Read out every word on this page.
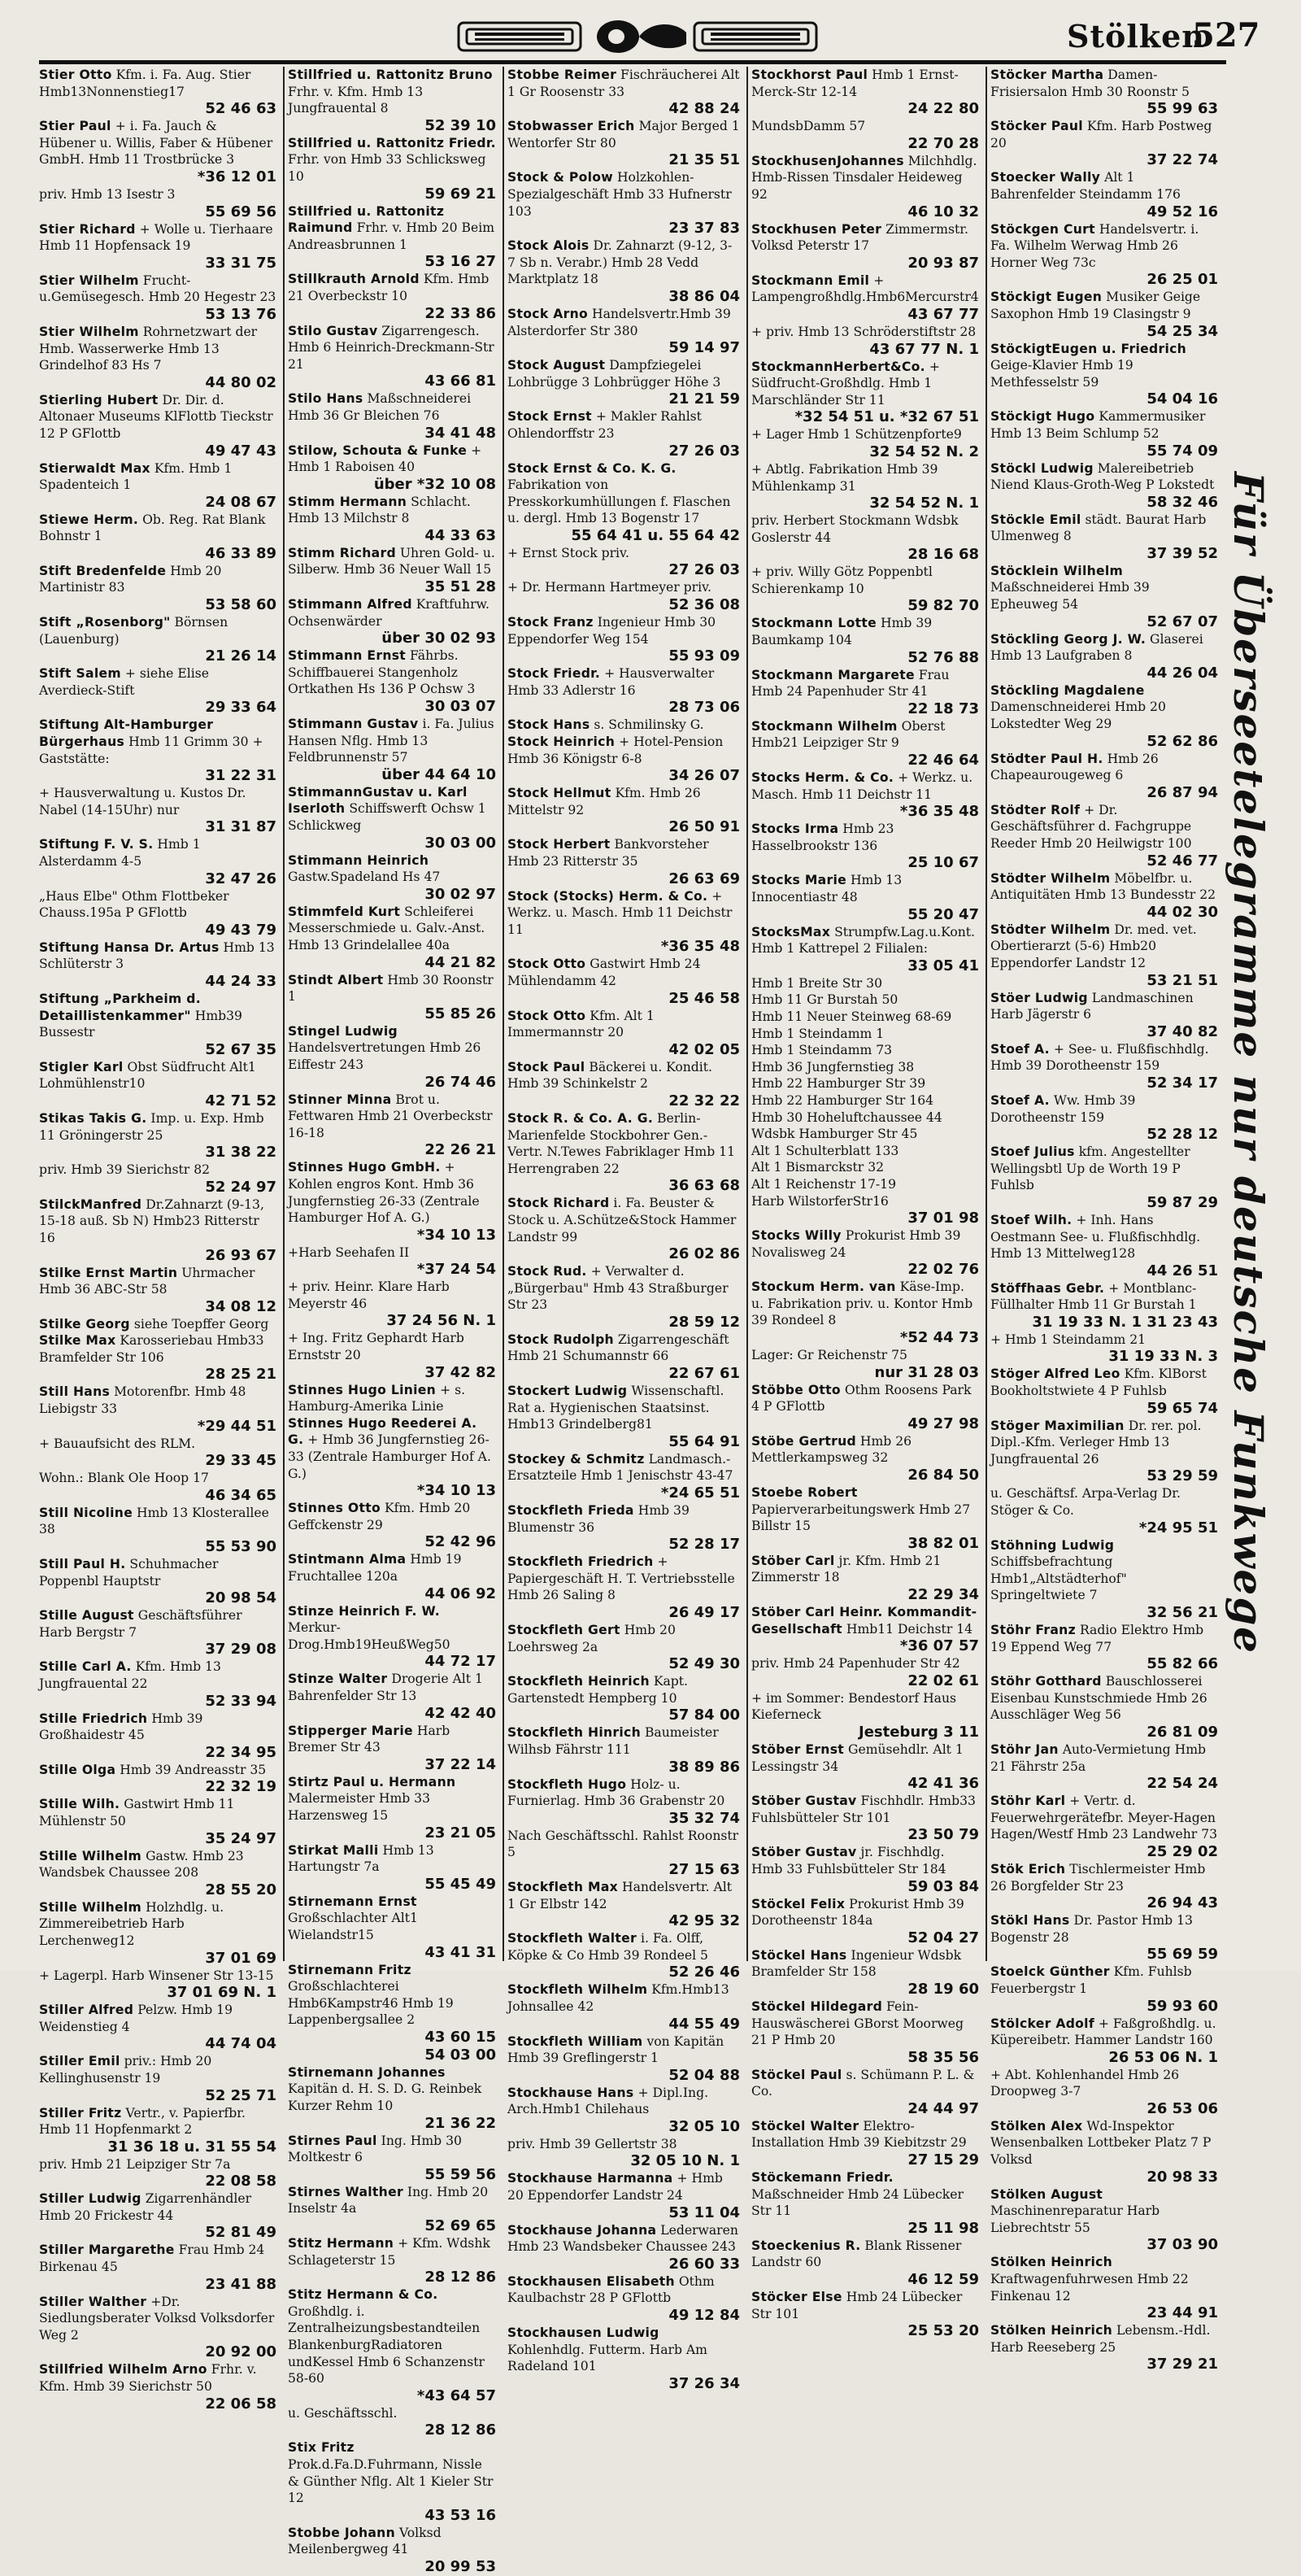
Stölken
527

Stier Otto Kfm. i. Fa. Aug. Stier Hmb13Nonnenstieg17
52 46 63

Stier Paul + i. Fa. Jauch & Hübener u. Willis, Faber & Hübener GmbH. Hmb 11 Trostbrücke 3
*36 12 01

priv. Hmb 13 Isestr 3
55 69 56

Stier Richard + Wolle u. Tierhaare Hmb 11 Hopfensack 19
33 31 75

Stier Wilhelm Frucht-u.Gemüsegesch. Hmb 20 Hegestr 23
53 13 76

Stier Wilhelm Rohrnetzwart der Hmb. Wasserwerke Hmb 13 Grindelhof 83 Hs 7
44 80 02

Stierling Hubert Dr. Dir. d. Altonaer Museums KlFlottb Tieckstr 12 P GFlottb
49 47 43

Stierwaldt Max Kfm. Hmb 1 Spadenteich 1
24 08 67

Stiewe Herm. Ob. Reg. Rat Blank Bohnstr 1
46 33 89

Stift Bredenfelde Hmb 20 Martinistr 83
53 58 60

Stift „Rosenborg" Börnsen (Lauenburg)
21 26 14

Stift Salem + siehe Elise Averdieck-Stift
29 33 64

Stiftung Alt-Hamburger Bürgerhaus Hmb 11 Grimm 30 + Gaststätte:
31 22 31

+ Hausverwaltung u. Kustos Dr. Nabel (14-15Uhr) nur
31 31 87

Stiftung F. V. S. Hmb 1 Alsterdamm 4-5
32 47 26

„Haus Elbe" Othm Flottbeker Chauss.195a P GFlottb
49 43 79

Stiftung Hansa Dr. Artus Hmb 13 Schlüterstr 3
44 24 33

Stiftung „Parkheim d. Detaillistenkammer" Hmb39 Bussestr
52 67 35

Stigler Karl Obst Südfrucht Alt1 Lohmühlenstr10
42 71 52

Stikas Takis G. Imp. u. Exp. Hmb 11 Gröningerstr 25
31 38 22

priv. Hmb 39 Sierichstr 82
52 24 97

StilckManfred Dr.Zahnarzt (9-13, 15-18 auß. Sb N) Hmb23 Ritterstr 16
26 93 67

Stilke Ernst Martin Uhrmacher Hmb 36 ABC-Str 58
34 08 12

Stilke Georg siehe Toepffer Georg

Stilke Max Karosseriebau Hmb33 Bramfelder Str 106
28 25 21

Still Hans Motorenfbr. Hmb 48 Liebigstr 33
*29 44 51

+ Bauaufsicht des RLM.
29 33 45

Wohn.: Blank Ole Hoop 17
46 34 65

Still Nicoline Hmb 13 Klosterallee 38
55 53 90

Still Paul H. Schuhmacher Poppenbl Hauptstr
20 98 54

Stille August Geschäftsführer Harb Bergstr 7
37 29 08

Stille Carl A. Kfm. Hmb 13 Jungfrauental 22
52 33 94

Stille Friedrich Hmb 39 Großhaidestr 45
22 34 95

Stille Olga Hmb 39 Andreasstr 35
22 32 19

Stille Wilh. Gastwirt Hmb 11 Mühlenstr 50
35 24 97

Stille Wilhelm Gastw. Hmb 23 Wandsbek Chaussee 208
28 55 20

Stille Wilhelm Holzhdlg. u. Zimmereibetrieb Harb Lerchenweg12
37 01 69

+ Lagerpl. Harb Winsener Str 13-15
37 01 69 N. 1

Stiller Alfred Pelzw. Hmb 19 Weidenstieg 4
44 74 04

Stiller Emil priv.: Hmb 20 Kellinghusenstr 19
52 25 71

Stiller Fritz Vertr., v. Papierfbr. Hmb 11 Hopfenmarkt 2
31 36 18 u. 31 55 54

priv. Hmb 21 Leipziger Str 7a
22 08 58

Stiller Ludwig Zigarrenhändler Hmb 20 Frickestr 44
52 81 49

Stiller Margarethe Frau Hmb 24 Birkenau 45
23 41 88

Stiller Walther +Dr. Siedlungsberater Volksd Volksdorfer Weg 2
20 92 00

Stillfried Wilhelm Arno Frhr. v. Kfm. Hmb 39 Sierichstr 50
22 06 58

Stillfried u. Rattonitz Bruno Frhr. v. Kfm. Hmb 13 Jungfrauental 8
52 39 10

Stillfried u. Rattonitz Friedr. Frhr. von Hmb 33 Schlicksweg 10
59 69 21

Stillfried u. Rattonitz Raimund Frhr. v. Hmb 20 Beim Andreasbrunnen 1
53 16 27

Stillkrauth Arnold Kfm. Hmb 21 Overbeckstr 10
22 33 86

Stilo Gustav Zigarrengesch. Hmb 6 Heinrich-Dreckmann-Str 21
43 66 81

Stilo Hans Maßschneiderei Hmb 36 Gr Bleichen 76
34 41 48

Stilow, Schouta & Funke + Hmb 1 Raboisen 40
über *32 10 08

Stimm Hermann Schlacht. Hmb 13 Milchstr 8
44 33 63

Stimm Richard Uhren Gold- u. Silberw. Hmb 36 Neuer Wall 15
35 51 28

Stimmann Alfred Kraftfuhrw. Ochsenwärder
über 30 02 93

Stimmann Ernst Fährbs. Schiffbauerei Stangenholz Ortkathen Hs 136 P Ochsw 3
30 03 07

Stimmann Gustav i. Fa. Julius Hansen Nflg. Hmb 13 Feldbrunnenstr 57
über 44 64 10

StimmannGustav u. Karl Iserloth Schiffswerft Ochsw 1 Schlickweg
30 03 00

Stimmann Heinrich Gastw.Spadeland Hs 47
30 02 97

Stimmfeld Kurt Schleiferei Messerschmiede u. Galv.-Anst. Hmb 13 Grindelallee 40a
44 21 82

Stindt Albert Hmb 30 Roonstr 1
55 85 26

Stingel Ludwig Handelsvertretungen Hmb 26 Eiffestr 243
26 74 46

Stinner Minna Brot u. Fettwaren Hmb 21 Overbeckstr 16-18
22 26 21

Stinnes Hugo GmbH. + Kohlen engros Kont. Hmb 36 Jungfernstieg 26-33 (Zentrale Hamburger Hof A. G.)
*34 10 13

+Harb Seehafen II
*37 24 54

+ priv. Heinr. Klare Harb Meyerstr 46
37 24 56 N. 1

+ Ing. Fritz Gephardt Harb Ernststr 20
37 42 82

Stinnes Hugo Linien + s. Hamburg-Amerika Linie

Stinnes Hugo Reederei A. G. + Hmb 36 Jungfernstieg 26-33 (Zentrale Hamburger Hof A. G.)
*34 10 13

Stinnes Otto Kfm. Hmb 20 Geffckenstr 29
52 42 96

Stintmann Alma Hmb 19 Fruchtallee 120a
44 06 92

Stinze Heinrich F. W. Merkur-Drog.Hmb19HeußWeg50
44 72 17

Stinze Walter Drogerie Alt 1 Bahrenfelder Str 13
42 42 40

Stipperger Marie Harb Bremer Str 43
37 22 14

Stirtz Paul u. Hermann Malermeister Hmb 33 Harzensweg 15
23 21 05

Stirkat Malli Hmb 13 Hartungstr 7a
55 45 49

Stirnemann Ernst Großschlachter Alt1 Wielandstr15
43 41 31

Stirnemann Fritz Großschlachterei Hmb6Kampstr46 Hmb 19 Lappenbergsallee 2
43 60 15

54 03 00

Stirnemann Johannes Kapitän d. H. S. D. G. Reinbek Kurzer Rehm 10
21 36 22

Stirnes Paul Ing. Hmb 30 Moltkestr 6
55 59 56

Stirnes Walther Ing. Hmb 20 Inselstr 4a
52 69 65

Stitz Hermann + Kfm. Wdshk Schlageterstr 15
28 12 86

Stitz Hermann & Co. Großhdlg. i. Zentralheizungsbestandteilen BlankenburgRadiatoren undKessel Hmb 6 Schanzenstr 58-60
*43 64 57

u. Geschäftsschl.
28 12 86

Stix Fritz Prok.d.Fa.D.Fuhrmann, Nissle & Günther Nflg. Alt 1 Kieler Str 12
43 53 16

Stobbe Johann Volksd Meilenbergweg 41
20 99 53

Stobbe Reimer Fischräucherei Alt 1 Gr Roosenstr 33
42 88 24

Stobwasser Erich Major Berged 1 Wentorfer Str 80
21 35 51

Stock & Polow Holzkohlen-Spezialgeschäft Hmb 33 Hufnerstr 103
23 37 83

Stock Alois Dr. Zahnarzt (9-12, 3-7 Sb n. Verabr.) Hmb 28 Vedd Marktplatz 18
38 86 04

Stock Arno Handelsvertr.Hmb 39 Alsterdorfer Str 380
59 14 97

Stock August Dampfziegelei Lohbrügge 3 Lohbrügger Höhe 3
21 21 59

Stock Ernst + Makler Rahlst Ohlendorffstr 23
27 26 03

Stock Ernst & Co. K. G. Fabrikation von Presskorkumhüllungen f. Flaschen u. dergl. Hmb 13 Bogenstr 17
55 64 41 u. 55 64 42

+ Ernst Stock priv.
27 26 03

+ Dr. Hermann Hartmeyer priv.
52 36 08

Stock Franz Ingenieur Hmb 30 Eppendorfer Weg 154
55 93 09

Stock Friedr. + Hausverwalter Hmb 33 Adlerstr 16
28 73 06

Stock Hans s. Schmilinsky G.

Stock Heinrich + Hotel-Pension Hmb 36 Königstr 6-8
34 26 07

Stock Hellmut Kfm. Hmb 26 Mittelstr 92
26 50 91

Stock Herbert Bankvorsteher Hmb 23 Ritterstr 35
26 63 69

Stock (Stocks) Herm. & Co. + Werkz. u. Masch. Hmb 11 Deichstr 11
*36 35 48

Stock Otto Gastwirt Hmb 24 Mühlendamm 42
25 46 58

Stock Otto Kfm. Alt 1 Immermannstr 20
42 02 05

Stock Paul Bäckerei u. Kondit. Hmb 39 Schinkelstr 2
22 32 22

Stock R. & Co. A. G. Berlin-Marienfelde Stockbohrer Gen.-Vertr. N.Tewes Fabriklager Hmb 11 Herrengraben 22
36 63 68

Stock Richard i. Fa. Beuster & Stock u. A.Schütze&Stock Hammer Landstr 99
26 02 86

Stock Rud. + Verwalter d. „Bürgerbau" Hmb 43 Straßburger Str 23
28 59 12

Stock Rudolph Zigarrengeschäft Hmb 21 Schumannstr 66
22 67 61

Stockert Ludwig Wissenschaftl. Rat a. Hygienischen Staatsinst. Hmb13 Grindelberg81
55 64 91

Stockey & Schmitz Landmasch.-Ersatzteile Hmb 1 Jenischstr 43-47
*24 65 51

Stockfleth Frieda Hmb 39 Blumenstr 36
52 28 17

Stockfleth Friedrich + Papiergeschäft H. T. Vertriebsstelle Hmb 26 Saling 8
26 49 17

Stockfleth Gert Hmb 20 Loehrsweg 2a
52 49 30

Stockfleth Heinrich Kapt. Gartenstedt Hempberg 10
57 84 00

Stockfleth Hinrich Baumeister Wilhsb Fährstr 111
38 89 86

Stockfleth Hugo Holz- u. Furnierlag. Hmb 36 Grabenstr 20
35 32 74

Nach Geschäftsschl. Rahlst Roonstr 5
27 15 63

Stockfleth Max Handelsvertr. Alt 1 Gr Elbstr 142
42 95 32

Stockfleth Walter i. Fa. Olff, Köpke & Co Hmb 39 Rondeel 5
52 26 46

Stockfleth Wilhelm Kfm.Hmb13 Johnsallee 42
44 55 49

Stockfleth William von Kapitän Hmb 39 Greflingerstr 1
52 04 88

Stockhause Hans + Dipl.Ing. Arch.Hmb1 Chilehaus
32 05 10

priv. Hmb 39 Gellertstr 38
32 05 10 N. 1

Stockhause Harmanna + Hmb 20 Eppendorfer Landstr 24
53 11 04

Stockhause Johanna Lederwaren Hmb 23 Wandsbeker Chaussee 243
26 60 33

Stockhausen Elisabeth Othm Kaulbachstr 28 P GFlottb
49 12 84

Stockhausen Ludwig Kohlenhdlg. Futterm. Harb Am Radeland 101
37 26 34

Stockhorst Paul Hmb 1 Ernst-Merck-Str 12-14
24 22 80

MundsbDamm 57
22 70 28

StockhusenJohannes Milchhdlg. Hmb-Rissen Tinsdaler Heideweg 92
46 10 32

Stockhusen Peter Zimmermstr. Volksd Peterstr 17
20 93 87

Stockmann Emil + Lampengroßhdlg.Hmb6Mercurstr4
43 67 77

+ priv. Hmb 13 Schröderstiftstr 28
43 67 77 N. 1

StockmannHerbert&Co. + Südfrucht-Großhdlg. Hmb 1 Marschländer Str 11
*32 54 51 u. *32 67 51

+ Lager Hmb 1 Schützenpforte9
32 54 52 N. 2

+ Abtlg. Fabrikation Hmb 39 Mühlenkamp 31
32 54 52 N. 1

priv. Herbert Stockmann Wdsbk Goslerstr 44
28 16 68

+ priv. Willy Götz Poppenbtl Schierenkamp 10
59 82 70

Stockmann Lotte Hmb 39 Baumkamp 104
52 76 88

Stockmann Margarete Frau Hmb 24 Papenhuder Str 41
22 18 73

Stockmann Wilhelm Oberst Hmb21 Leipziger Str 9
22 46 64

Stocks Herm. & Co. + Werkz. u. Masch. Hmb 11 Deichstr 11
*36 35 48

Stocks Irma Hmb 23 Hasselbrookstr 136
25 10 67

Stocks Marie Hmb 13 Innocentiastr 48
55 20 47

StocksMax Strumpfw.Lag.u.Kont. Hmb 1 Kattrepel 2 Filialen:
33 05 41

Hmb 1 Breite Str 30

Hmb 11 Gr Burstah 50

Hmb 11 Neuer Steinweg 68-69

Hmb 1 Steindamm 1

Hmb 1 Steindamm 73

Hmb 36 Jungfernstieg 38

Hmb 22 Hamburger Str 39

Hmb 22 Hamburger Str 164

Hmb 30 Hoheluftchaussee 44

Wdsbk Hamburger Str 45

Alt 1 Schulterblatt 133

Alt 1 Bismarckstr 32

Alt 1 Reichenstr 17-19

Harb WilstorferStr16
37 01 98

Stocks Willy Prokurist Hmb 39 Novalisweg 24
22 02 76

Stockum Herm. van Käse-Imp. u. Fabrikation priv. u. Kontor Hmb 39 Rondeel 8
*52 44 73

Lager: Gr Reichenstr 75
nur 31 28 03

Stöbbe Otto Othm Roosens Park 4 P GFlottb
49 27 98

Stöbe Gertrud Hmb 26 Mettlerkampsweg 32
26 84 50

Stoebe Robert Papierverarbeitungswerk Hmb 27 Billstr 15
38 82 01

Stöber Carl jr. Kfm. Hmb 21 Zimmerstr 18
22 29 34

Stöber Carl Heinr. Kommandit-Gesellschaft Hmb11 Deichstr 14
*36 07 57

priv. Hmb 24 Papenhuder Str 42
22 02 61

+ im Sommer: Bendestorf Haus Kieferneck
Jesteburg 3 11

Stöber Ernst Gemüsehdlr. Alt 1 Lessingstr 34
42 41 36

Stöber Gustav Fischhdlr. Hmb33 Fuhlsbütteler Str 101
23 50 79

Stöber Gustav jr. Fischhdlg. Hmb 33 Fuhlsbütteler Str 184
59 03 84

Stöckel Felix Prokurist Hmb 39 Dorotheenstr 184a
52 04 27

Stöckel Hans Ingenieur Wdsbk Bramfelder Str 158
28 19 60

Stöckel Hildegard Fein-Hauswäscherei GBorst Moorweg 21 P Hmb 20
58 35 56

Stöckel Paul s. Schümann P. L. & Co.
24 44 97

Stöckel Walter Elektro-Installation Hmb 39 Kiebitzstr 29
27 15 29

Stöckemann Friedr. Maßschneider Hmb 24 Lübecker Str 11
25 11 98

Stoeckenius R. Blank Rissener Landstr 60
46 12 59

Stöcker Else Hmb 24 Lübecker Str 101
25 53 20

Stöcker Martha Damen-Frisiersalon Hmb 30 Roonstr 5
55 99 63

Stöcker Paul Kfm. Harb Postweg 20
37 22 74

Stoecker Wally Alt 1 Bahrenfelder Steindamm 176
49 52 16

Stöckgen Curt Handelsvertr. i. Fa. Wilhelm Werwag Hmb 26 Horner Weg 73c
26 25 01

Stöckigt Eugen Musiker Geige Saxophon Hmb 19 Clasingstr 9
54 25 34

StöckigtEugen u. Friedrich Geige-Klavier Hmb 19 Methfesselstr 59
54 04 16

Stöckigt Hugo Kammermusiker Hmb 13 Beim Schlump 52
55 74 09

Stöckl Ludwig Malereibetrieb Niend Klaus-Groth-Weg P Lokstedt
58 32 46

Stöckle Emil städt. Baurat Harb Ulmenweg 8
37 39 52

Stöcklein Wilhelm Maßschneiderei Hmb 39 Epheuweg 54
52 67 07

Stöckling Georg J. W. Glaserei Hmb 13 Laufgraben 8
44 26 04

Stöckling Magdalene Damenschneiderei Hmb 20 Lokstedter Weg 29
52 62 86

Stödter Paul H. Hmb 26 Chapeaurougeweg 6
26 87 94

Stödter Rolf + Dr. Geschäftsführer d. Fachgruppe Reeder Hmb 20 Heilwigstr 100
52 46 77

Stödter Wilhelm Möbelfbr. u. Antiquitäten Hmb 13 Bundesstr 22
44 02 30

Stödter Wilhelm Dr. med. vet. Obertierarzt (5-6) Hmb20 Eppendorfer Landstr 12
53 21 51

Stöer Ludwig Landmaschinen Harb Jägerstr 6
37 40 82

Stoef A. + See- u. Flußfischhdlg. Hmb 39 Dorotheenstr 159
52 34 17

Stoef A. Ww. Hmb 39 Dorotheenstr 159
52 28 12

Stoef Julius kfm. Angestellter Wellingsbtl Up de Worth 19 P Fuhlsb
59 87 29

Stoef Wilh. + Inh. Hans Oestmann See- u. Flußfischhdlg. Hmb 13 Mittelweg128
44 26 51

Stöffhaas Gebr. + Montblanc-Füllhalter Hmb 11 Gr Burstah 1
31 19 33 N. 1 31 23 43

+ Hmb 1 Steindamm 21
31 19 33 N. 3

Stöger Alfred Leo Kfm. KlBorst Bookholtstwiete 4 P Fuhlsb
59 65 74

Stöger Maximilian Dr. rer. pol. Dipl.-Kfm. Verleger Hmb 13 Jungfrauental 26
53 29 59

u. Geschäftsf. Arpa-Verlag Dr. Stöger & Co.
*24 95 51

Stöhning Ludwig Schiffsbefrachtung Hmb1„Altstädterhof" Springeltwiete 7
32 56 21

Stöhr Franz Radio Elektro Hmb 19 Eppend Weg 77
55 82 66

Stöhr Gotthard Bauschlosserei Eisenbau Kunstschmiede Hmb 26 Ausschläger Weg 56
26 81 09

Stöhr Jan Auto-Vermietung Hmb 21 Fährstr 25a
22 54 24

Stöhr Karl + Vertr. d. Feuerwehrgerätefbr. Meyer-Hagen Hagen/Westf Hmb 23 Landwehr 73
25 29 02

Stök Erich Tischlermeister Hmb 26 Borgfelder Str 23
26 94 43

Stökl Hans Dr. Pastor Hmb 13 Bogenstr 28
55 69 59

Stoelck Günther Kfm. Fuhlsb Feuerbergstr 1
59 93 60

Stölcker Adolf + Faßgroßhdlg. u. Küpereibetr. Hammer Landstr 160
26 53 06 N. 1

+ Abt. Kohlenhandel Hmb 26 Droopweg 3-7
26 53 06

Stölken Alex Wd-Inspektor Wensenbalken Lottbeker Platz 7 P Volksd
20 98 33

Stölken August Maschinenreparatur Harb Liebrechtstr 55
37 03 90

Stölken Heinrich Kraftwagenfuhrwesen Hmb 22 Finkenau 12
23 44 91

Stölken Heinrich Lebensm.-Hdl. Harb Reeseberg 25
37 29 21

Für Überseetelegramme nur deutsche Funkwege
